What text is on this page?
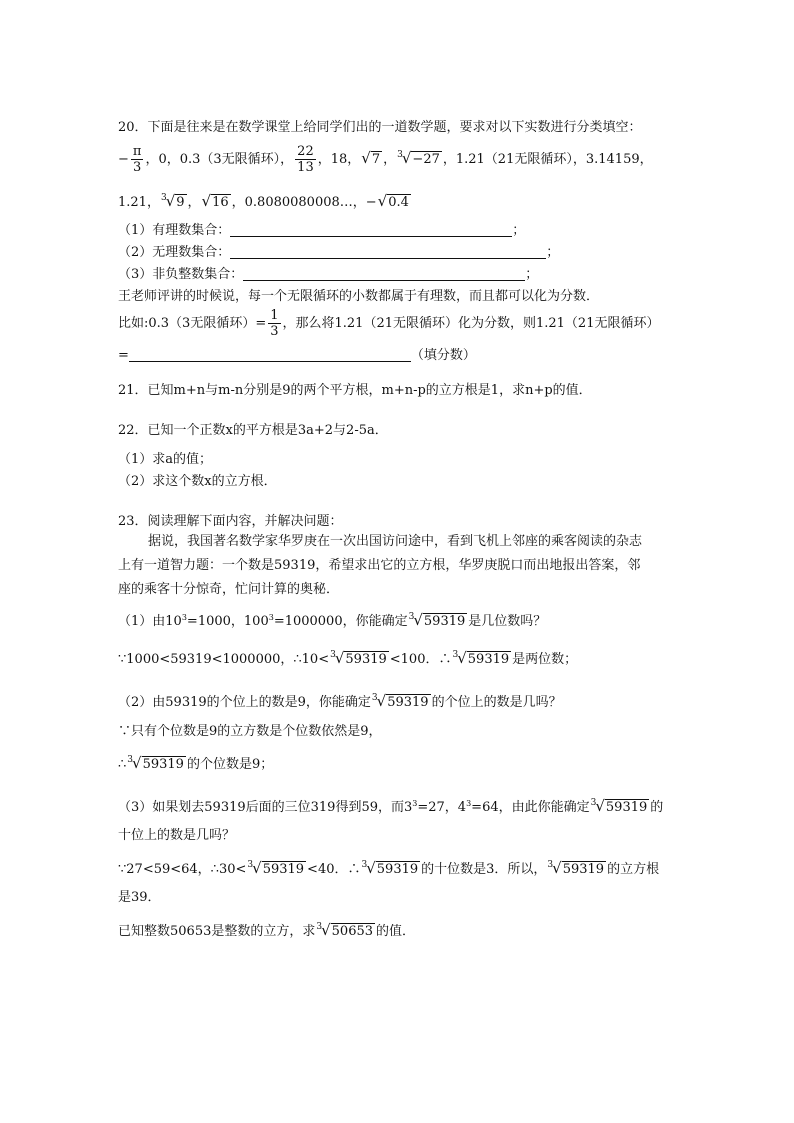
20．下面是往来是在数学课堂上给同学们出的一道数学题，要求对以下实数进行分类填空：
− $\frac{\pi}{3}$ ，0，0.3（3无限循环）， $\frac{22}{13}$ ，18，√7 ，$^3$√−27 ，1.21（21无限循环），3.14159，
1.21，$^3$√9 ，√16 ，0.8080080008…，−√0.4
（1）有理数集合：	；
（2）无理数集合：	；
（3）非负整数集合：	；
王老师评讲的时候说，每一个无限循环的小数都属于有理数，而且都可以化为分数．
比如:0.3（3无限循环）= $\frac{1}{3}$ ，那么将1.21（21无限循环）化为分数，则1.21（21无限循环）
=	（填分数）
21．已知m+n与m-n分别是9的两个平方根，m+n-p的立方根是1，求n+p的值．
22．已知一个正数x的平方根是3a+2与2-5a．
（1）求a的值；
（2）求这个数x的立方根．
23．阅读理解下面内容，并解决问题：
据说，我国著名数学家华罗庚在一次出国访问途中，看到飞机上邻座的乘客阅读的杂志
上有一道智力题：一个数是59319，希望求出它的立方根，华罗庚脱口而出地报出答案，邻
座的乘客十分惊奇，忙问计算的奥秘．
（1）由$10^3=1000$，$100^3=1000000$，你能确定$^3$√59319 是几位数吗？
∵1000<59319<1000000，∴10<$^3$√59319 <100．∴$^3$√59319 是两位数；
（2）由59319的个位上的数是9，你能确定$^3$√59319 的个位上的数是几吗？
∵只有个位数是9的立方数是个位数依然是9，
∴$^3$√59319 的个位数是9；
（3）如果划去59319后面的三位319得到59，而$3^3=27$，$4^3=64$，由此你能确定$^3$√59319 的
十位上的数是几吗？
∵27<59<64，∴30<$^3$√59319 <40．∴$^3$√59319 的十位数是3．所以，$^3$√59319 的立方根
是39．
已知整数50653是整数的立方，求$^3$√50653 的值．
